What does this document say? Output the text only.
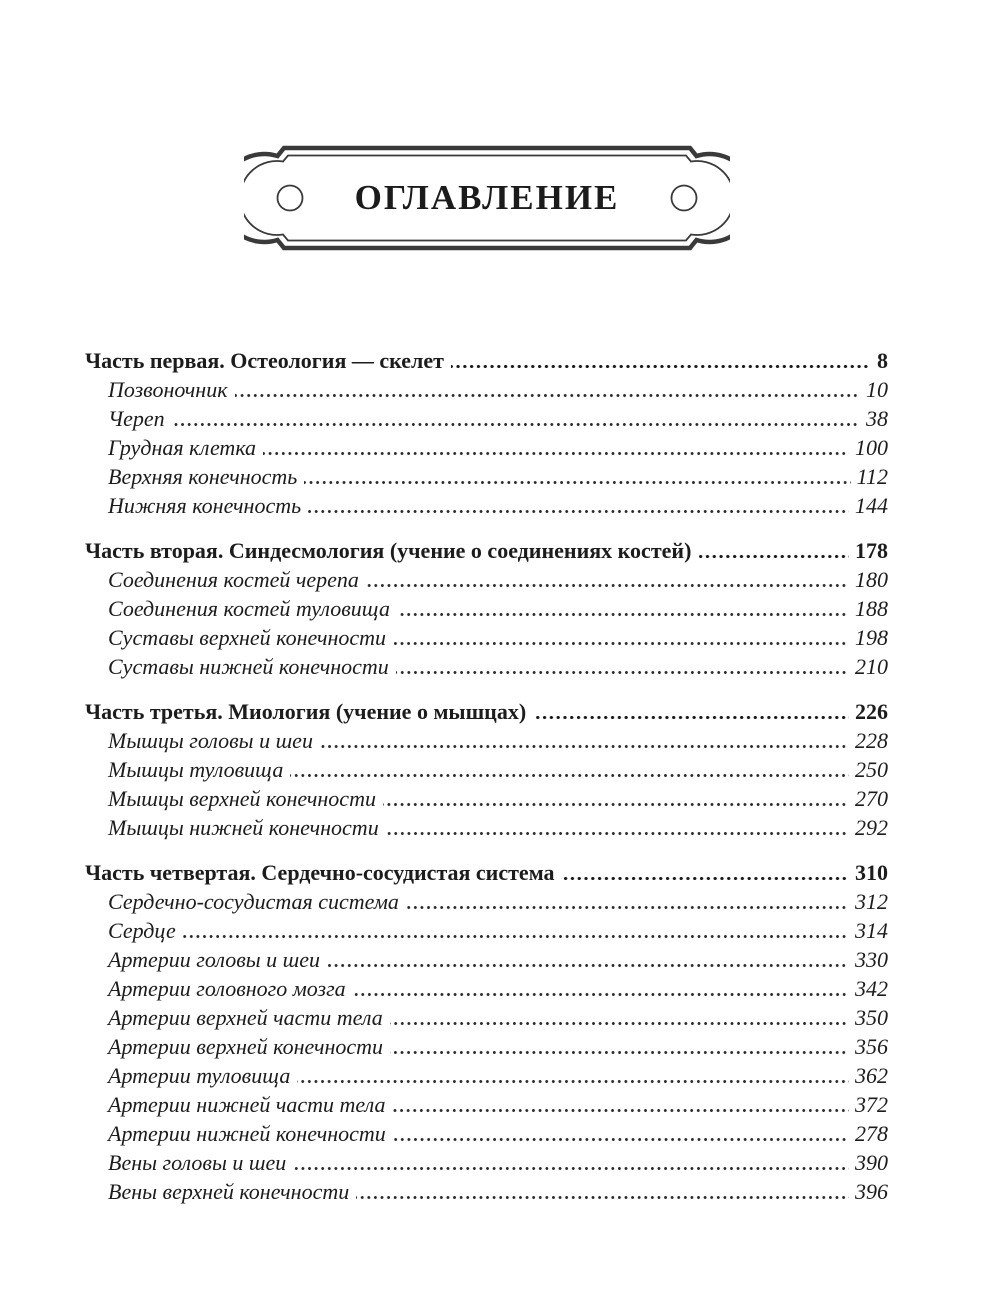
ОГЛАВЛЕНИЕ
Часть первая. Остеология — скелет	8
Позвоночник	10
Череп	38
Грудная клетка	100
Верхняя конечность	112
Нижняя конечность	144
Часть вторая. Синдесмология (учение о соединениях костей)	178
Соединения костей черепа	180
Соединения костей туловища	188
Суставы верхней конечности	198
Суставы нижней конечности	210
Часть третья. Миология (учение о мышцах)	226
Мышцы головы и шеи	228
Мышцы туловища	250
Мышцы верхней конечности	270
Мышцы нижней конечности	292
Часть четвертая. Сердечно-сосудистая система	310
Сердечно-сосудистая система	312
Сердце	314
Артерии головы и шеи	330
Артерии головного мозга	342
Артерии верхней части тела	350
Артерии верхней конечности	356
Артерии туловища	362
Артерии нижней части тела	372
Артерии нижней конечности	278
Вены головы и шеи	390
Вены верхней конечности	396
